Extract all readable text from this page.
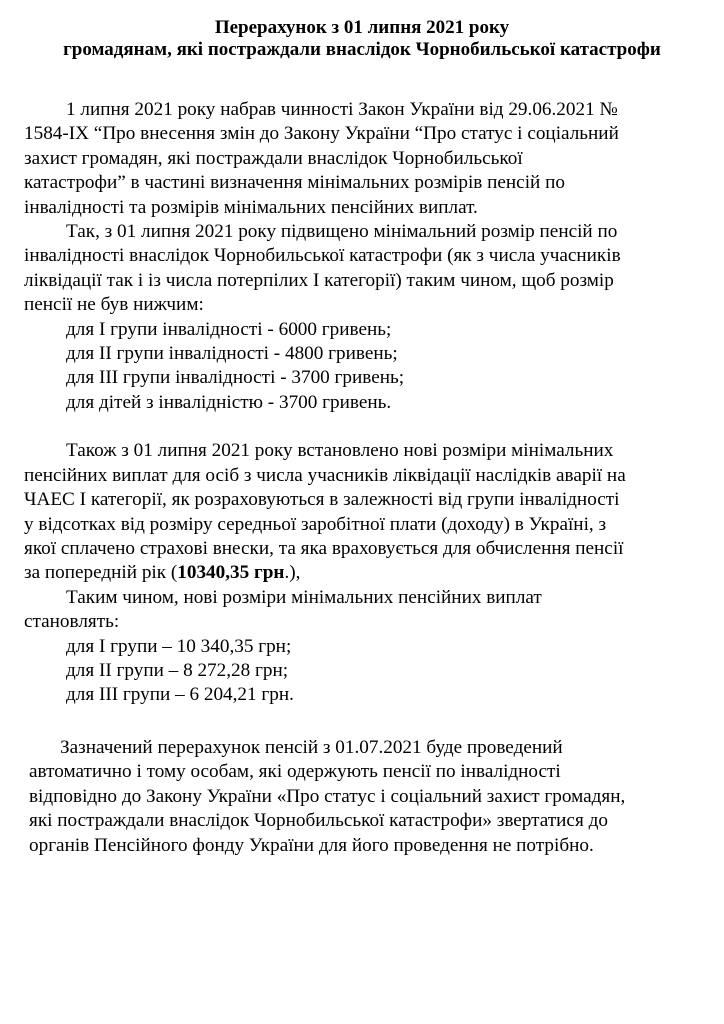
Перерахунок з 01 липня 2021 року
громадянам, які постраждали внаслідок Чорнобильської катастрофи
1 липня 2021 року набрав чинності Закон України від 29.06.2021 №
1584-IX “Про внесення змін до Закону України “Про статус і соціальний
захист громадян, які постраждали внаслідок Чорнобильської
катастрофи” в частині визначення мінімальних розмірів пенсій по
інвалідності та розмірів мінімальних пенсійних виплат.
Так, з 01 липня 2021 року підвищено мінімальний розмір пенсій по
інвалідності внаслідок Чорнобильської катастрофи (як з числа учасників
ліквідації так і із числа потерпілих I категорії) таким чином, щоб розмір
пенсії не був нижчим:
для I групи інвалідності - 6000 гривень;
для II групи інвалідності - 4800 гривень;
для III групи інвалідності - 3700 гривень;
для дітей з інвалідністю - 3700 гривень.
Також з 01 липня 2021 року встановлено нові розміри мінімальних
пенсійних виплат для осіб з числа учасників ліквідації наслідків аварії на
ЧАЕС I категорії, як розраховуються в залежності від групи інвалідності
у відсотках від розміру середньої заробітної плати (доходу) в Україні, з
якої сплачено страхові внески, та яка враховується для обчислення пенсії
за попередній рік (10340,35 грн.),
Таким чином, нові розміри мінімальних пенсійних виплат
становлять:
для I групи – 10 340,35 грн;
для II групи – 8 272,28 грн;
для III групи – 6 204,21 грн.
Зазначений перерахунок пенсій з 01.07.2021 буде проведений
автоматично і тому особам, які одержують пенсії по інвалідності
відповідно до Закону України «Про статус і соціальний захист громадян,
які постраждали внаслідок Чорнобильської катастрофи» звертатися до
органів Пенсійного фонду України для його проведення не потрібно.
